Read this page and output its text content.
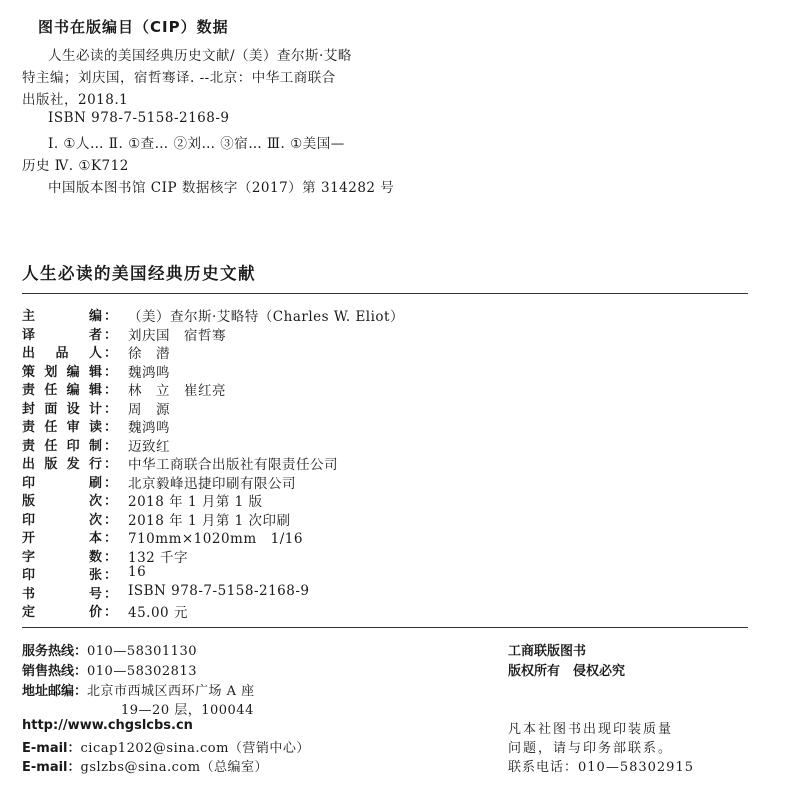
图书在版编目（CIP）数据
人生必读的美国经典历史文献/（美）查尔斯·艾略
特主编；刘庆国，宿哲骞译. --北京：中华工商联合
出版社，2018.1
ISBN 978-7-5158-2168-9
Ⅰ. ①人… Ⅱ. ①查… ②刘… ③宿… Ⅲ. ①美国—
历史 Ⅳ. ①K712
中国版本图书馆 CIP 数据核字（2017）第 314282 号
人生必读的美国经典历史文献
主编 ： （美）查尔斯·艾略特（Charles W. Eliot）
译者 ： 刘庆国　宿哲骞
出品人 ： 徐　潜
策划编辑 ： 魏鸿鸣
责任编辑 ： 林　立　崔红亮
封面设计 ： 周　源
责任审读 ： 魏鸿鸣
责任印制 ： 迈致红
出版发行 ： 中华工商联合出版社有限责任公司
印刷 ： 北京毅峰迅捷印刷有限公司
版次 ： 2018 年 1 月第 1 版
印次 ： 2018 年 1 月第 1 次印刷
开本 ： 710mm×1020mm　1/16
字数 ： 132 千字
印张 ： 16
书号 ： ISBN 978-7-5158-2168-9
定价 ： 45.00 元
服务热线：010—58301130
销售热线：010—58302813
地址邮编：北京市西城区西环广场 A 座
19—20 层，100044
http://www.chgslcbs.cn
E-mail：cicap1202@sina.com（营销中心）
E-mail：gslzbs@sina.com（总编室）
工商联版图书
版权所有　侵权必究
凡本社图书出现印装质量
问题，请与印务部联系。
联系电话：010—58302915
